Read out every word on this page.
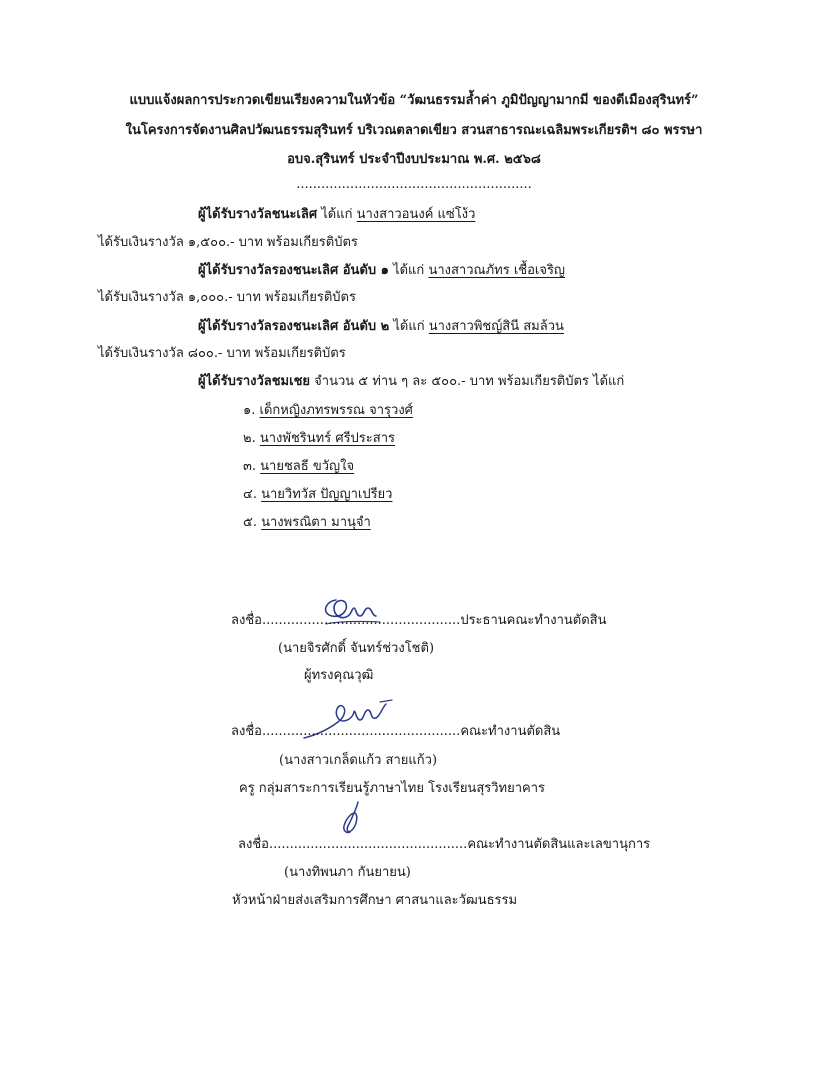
แบบแจ้งผลการประกวดเขียนเรียงความในหัวข้อ “วัฒนธรรมล้ำค่า ภูมิปัญญามากมี ของดีเมืองสุรินทร์”
ในโครงการจัดงานศิลปวัฒนธรรมสุรินทร์ บริเวณตลาดเขียว สวนสาธารณะเฉลิมพระเกียรติฯ ๘๐ พรรษา
อบจ.สุรินทร์ ประจำปีงบประมาณ พ.ศ. ๒๕๖๘
.........................................................
ผู้ได้รับรางวัลชนะเลิศ ได้แก่ นางสาวอนงค์ แซ่โง้ว
ได้รับเงินรางวัล ๑,๕๐๐.- บาท พร้อมเกียรติบัตร
ผู้ได้รับรางวัลรองชนะเลิศ อันดับ ๑ ได้แก่ นางสาวณภัทร เชื้อเจริญ
ได้รับเงินรางวัล ๑,๐๐๐.- บาท พร้อมเกียรติบัตร
ผู้ได้รับรางวัลรองชนะเลิศ อันดับ ๒ ได้แก่ นางสาวพิชญ์สินี สมล้วน
ได้รับเงินรางวัล ๘๐๐.- บาท พร้อมเกียรติบัตร
ผู้ได้รับรางวัลชมเชย จำนวน ๕ ท่าน ๆ ละ ๕๐๐.- บาท พร้อมเกียรติบัตร ได้แก่
๑. เด็กหญิงภทรพรรณ จารุวงศ์
๒. นางพัชรินทร์ ศรีประสาร
๓. นายชลธี ขวัญใจ
๔. นายวิทวัส ปัญญาเปรียว
๕. นางพรณิตา มานุจำ
ลงชื่อ................................................ประธานคณะทำงานตัดสิน
(นายจิรศักดิ์ จันทร์ช่วงโชติ)
ผู้ทรงคุณวุฒิ
ลงชื่อ................................................คณะทำงานตัดสิน
(นางสาวเกล็ดแก้ว สายแก้ว)
ครู กลุ่มสาระการเรียนรู้ภาษาไทย โรงเรียนสุรวิทยาคาร
ลงชื่อ................................................คณะทำงานตัดสินและเลขานุการ
(นางทิพนภา กันยายน)
หัวหน้าฝ่ายส่งเสริมการศึกษา ศาสนาและวัฒนธรรม
